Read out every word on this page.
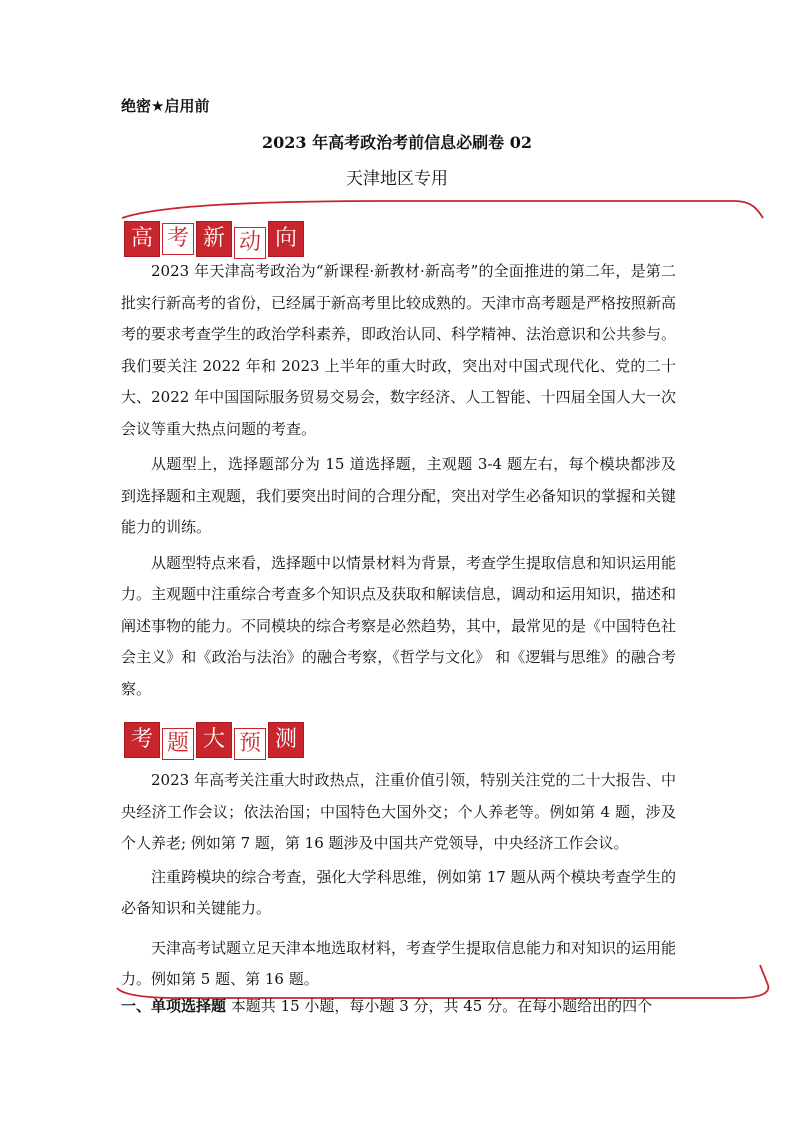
绝密★启用前
2023 年高考政治考前信息必刷卷 02
天津地区专用
高 考 新 动 向

2023 年天津高考政治为“新课程·新教材·新高考”的全面推进的第二年，是第二批实行新高考的省份，已经属于新高考里比较成熟的。天津市高考题是严格按照新高考的要求考查学生的政治学科素养，即政治认同、科学精神、法治意识和公共参与。我们要关注 2022 年和 2023 上半年的重大时政，突出对中国式现代化、党的二十大、2022 年中国国际服务贸易交易会，数字经济、人工智能、十四届全国人大一次会议等重大热点问题的考查。

从题型上，选择题部分为 15 道选择题，主观题 3-4 题左右，每个模块都涉及到选择题和主观题，我们要突出时间的合理分配，突出对学生必备知识的掌握和关键能力的训练。

从题型特点来看，选择题中以情景材料为背景，考查学生提取信息和知识运用能力。主观题中注重综合考查多个知识点及获取和解读信息，调动和运用知识，描述和阐述事物的能力。不同模块的综合考察是必然趋势，其中，最常见的是《中国特色社会主义》和《政治与法治》的融合考察，《哲学与文化》 和《逻辑与思维》的融合考察。

考 题 大 预 测

2023 年高考关注重大时政热点，注重价值引领，特别关注党的二十大报告、中央经济工作会议；依法治国；中国特色大国外交；个人养老等。例如第 4 题，涉及个人养老; 例如第 7 题，第 16 题涉及中国共产党领导，中央经济工作会议。

注重跨模块的综合考查，强化大学科思维，例如第 17 题从两个模块考查学生的必备知识和关键能力。

天津高考试题立足天津本地选取材料，考查学生提取信息能力和对知识的运用能力。例如第 5 题、第 16 题。

一、单项选择题 本题共 15 小题，每小题 3 分，共 45 分。在每小题给出的四个
